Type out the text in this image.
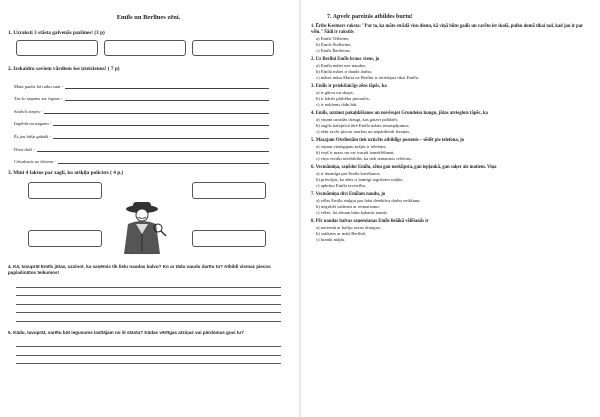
Emīls un Berlīnes zēni.
1. Uzraksti 3 stāsta galvenās pazīmes! (3 p)
2. Izskaidro saviem vārdiem šos izteicienus! ( 7 p)
Mani pazīst kā raibu suni -
Tas šo saņems aiz čupras -
Sarāvīt ziepes -
Impērāt no nagiem -
Ēs jau būšu gabalā -
Dirst dučī -
Ceturksnis uz diviem -
3. Mini 4 faktus par zagli, ko atšķiļa policists ( 4 p.)
Rasaga, ņagdu pieputais
4. Kā, tavuprāt Emīls jūtas, uzzinot, ka saņēmis tik lielu naudas balvu? Ko ar tādu naudu darītu tu? Atbildi vismaz piecos paplašinātos teikumos!
5. Kādu, tavuprāt, varētu būt ieguvums lasītājam no šī stāsta? Kādas vērtīgas atziņas vai pārdomas guvi tu?
7. Apvelc pareizās atbildes burtu!
1. Ērihs Kestners raksta: "Par to, ka māte strādā visu dienu, kā viņā būtu gadīs un varētu iet skolā, pulku domā tikai tad, kad jau ir par vēlu." Šādi ir rakstīts
a) Emils Tišheins;
b) Emils Štolheins;
c) Emīls Īberheins.
2. Uz Berlīni Emīls brauc viens, jo
a) Emīla mātei nav naudas;
b) Emīla mātei ir daudz darba;
c) mātes māsa Marta uz Berlīni ir aicinājusi tikai Emīlu.
3. Emīls ir priekšlaicīgs zēns tāpēc, ka
a) ir gūtvu un skops;
b) ir kārtīs pārliēku piesaulis;
c) ir noklenis tādu būt.
4. Emīls, uzzinot pakaļdzīšanos un novērojot Grundeisa kungu, jūtas atvieglots tāpēc, ka
a) viņam uzradās draugi, kas gatavi palīdzēt;
b) zaglis kafejnīcā tērē Emīla mātes iestaupījumus;
c) zēni savāc piecas markas un nepārdienīt feraņus.
5. Mazajam Otrdienām tiek uzticēts atbildīgs postenis – sēdēt pie telefona, jo
a) viņam vienīgajam mājās ir telefons;
b) viņš ir mazs un var trasaīt izmeklēšanai;
c) viņa vecāki neiebildās, ka tiek izmantots telefons.
6. Vecmāmiņa, saņēdot Emīlu, zēnu gan noskūpsta, gan iepļaukā, gan saķer aiz matiem. Viņa
a) ir dusmīga par Emīla kavēšanos;
b) priecājas, ka zēns ir laimīgi atgriezies mājās;
c) apbrīno Emīla izveicību.
7. Vecmāmiņa divi Emīlam naudu, jo
a) vēlas Emīlu atalgot par labu detektīva darbu veikšanu;
b) negribēt saslimst ar reimatismu;
c) vēlas, lai zēnam būtu kabatas nauda.
8. Pēc naudas balvas saņemšanas Emīls lielākā vēlēšanās ir
a) uzcienāt ar kafiju savus draugus;
b) satikties ar māti Berlīnē;
c) brankt mājās.
